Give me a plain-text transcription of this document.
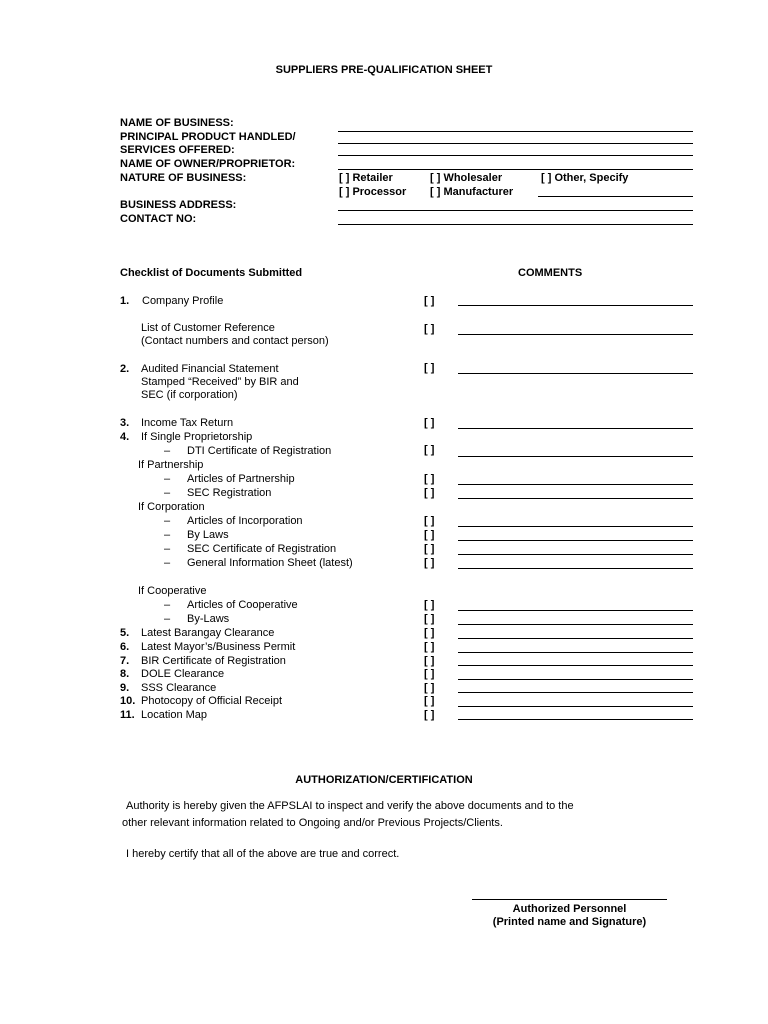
SUPPLIERS PRE-QUALIFICATION SHEET
NAME OF BUSINESS:
PRINCIPAL PRODUCT HANDLED/
SERVICES OFFERED:
NAME OF OWNER/PROPRIETOR:
NATURE OF BUSINESS:
BUSINESS ADDRESS:
CONTACT NO:
[ ] Retailer	[ ] Wholesaler	[ ] Other, Specify
[ ] Processor [ ] Manufacturer
Checklist of Documents Submitted	COMMENTS
1. Company Profile	[ ]
List of Customer Reference
(Contact numbers and contact person)
[ ]
2. Audited Financial Statement
Stamped “Received” by BIR and
SEC (if corporation)
[ ]
3. Income Tax Return	[ ]
4. If Single Proprietorship
– DTI Certificate of Registration	[ ]
If Partnership
– Articles of Partnership	[ ]
– SEC Registration	[ ]
If Corporation
– Articles of Incorporation	[ ]
– By Laws	[ ]
– SEC Certificate of Registration	[ ]
– General Information Sheet (latest)	[ ]
If Cooperative
– Articles of Cooperative	[ ]
– By-Laws	[ ]
5. Latest Barangay Clearance	[ ]
6. Latest Mayor’s/Business Permit	[ ]
7. BIR Certificate of Registration	[ ]
8. DOLE Clearance	[ ]
9. SSS Clearance	[ ]
10. Photocopy of Official Receipt	[ ]
11. Location Map	[ ]
AUTHORIZATION/CERTIFICATION
Authority is hereby given the AFPSLAI to inspect and verify the above documents and to the
other relevant information related to Ongoing and/or Previous Projects/Clients.
I hereby certify that all of the above are true and correct.
Authorized Personnel
(Printed name and Signature)
